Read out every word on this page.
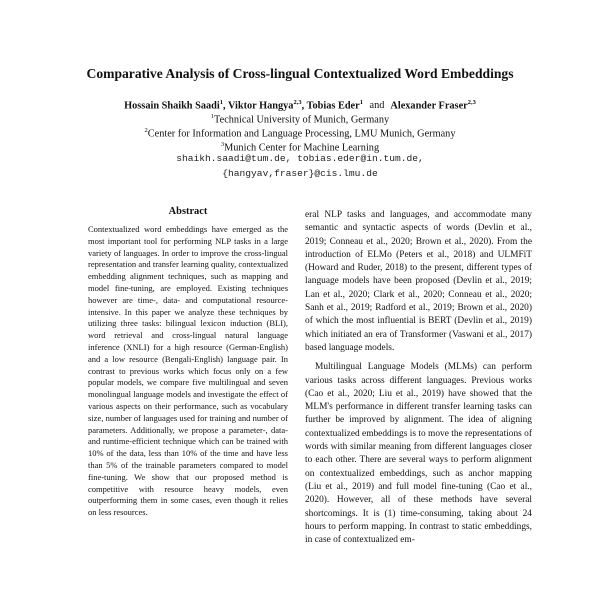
Comparative Analysis of Cross-lingual Contextualized Word Embeddings
Hossain Shaikh Saadi$^1$, Viktor Hangya$^{2,3}$, Tobias Eder$^1$ and Alexander Fraser$^{2,3}$
$^1$Technical University of Munich, Germany
$^2$Center for Information and Language Processing, LMU Munich, Germany
$^3$Munich Center for Machine Learning
shaikh.saadi@tum.de, tobias.eder@in.tum.de,
{hangyav,fraser}@cis.lmu.de
Abstract
Contextualized word embeddings have emerged as the most important tool for performing NLP tasks in a large variety of languages. In order to improve the cross-lingual representation and transfer learning quality, contextualized embedding alignment techniques, such as mapping and model fine-tuning, are employed. Existing techniques however are time-, data- and computational resource-intensive. In this paper we analyze these techniques by utilizing three tasks: bilingual lexicon induction (BLI), word retrieval and cross-lingual natural language inference (XNLI) for a high resource (German-English) and a low resource (Bengali-English) language pair. In contrast to previous works which focus only on a few popular models, we compare five multilingual and seven monolingual language models and investigate the effect of various aspects on their performance, such as vocabulary size, number of languages used for training and number of parameters. Additionally, we propose a parameter-, data- and runtime-efficient technique which can be trained with 10% of the data, less than 10% of the time and have less than 5% of the trainable parameters compared to model fine-tuning. We show that our proposed method is competitive with resource heavy models, even outperforming them in some cases, even though it relies on less resources.

eral NLP tasks and languages, and accommodate many semantic and syntactic aspects of words (Devlin et al., 2019; Conneau et al., 2020; Brown et al., 2020). From the introduction of ELMo (Peters et al., 2018) and ULMFiT (Howard and Ruder, 2018) to the present, different types of language models have been proposed (Devlin et al., 2019; Lan et al., 2020; Clark et al., 2020; Conneau et al., 2020; Sanh et al., 2019; Radford et al., 2019; Brown et al., 2020) of which the most influential is BERT (Devlin et al., 2019) which initiated an era of Transformer (Vaswani et al., 2017) based language models.

Multilingual Language Models (MLMs) can perform various tasks across different languages. Previous works (Cao et al., 2020; Liu et al., 2019) have showed that the MLM's performance in different transfer learning tasks can further be improved by alignment. The idea of aligning contextualized embeddings is to move the representations of words with similar meaning from different languages closer to each other. There are several ways to perform alignment on contextualized embeddings, such as anchor mapping (Liu et al., 2019) and full model fine-tuning (Cao et al., 2020). However, all of these methods have several shortcomings. It is (1) time-consuming, taking about 24 hours to perform mapping. In contrast to static embeddings, in case of contextualized em-
